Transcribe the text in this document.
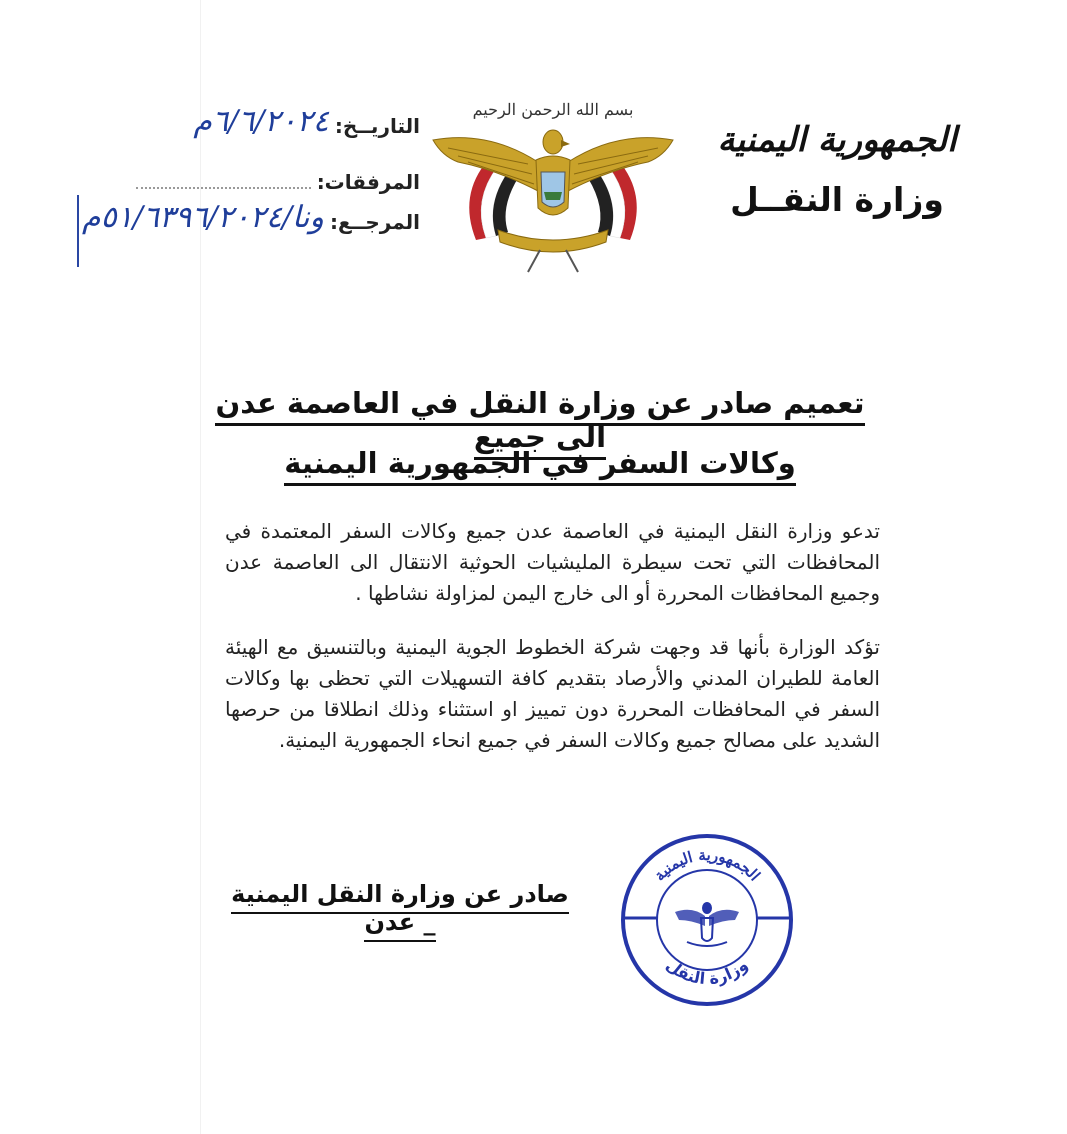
الجمهورية اليمنية
وزارة النقــل
بسم الله الرحمن الرحيم
التاريــخ:
٦/٦/٢٠٢٤م
المرفقات:
المرجــع:
ونا/٥١/٦٣٩٦/٢٠٢٤م
تعميم صادر عن وزارة النقل في العاصمة عدن الى جميع
وكالات السفر في الجمهورية اليمنية
تدعو وزارة النقل اليمنية في العاصمة عدن جميع وكالات السفر المعتمدة في المحافظات التي تحت سيطرة المليشيات الحوثية الانتقال الى العاصمة عدن وجميع المحافظات المحررة أو الى خارج اليمن لمزاولة نشاطها .
تؤكد الوزارة بأنها قد وجهت شركة الخطوط الجوية اليمنية وبالتنسيق مع الهيئة العامة للطيران المدني والأرصاد بتقديم كافة التسهيلات التي تحظى بها وكالات السفر في المحافظات المحررة دون تمييز او استثناء وذلك انطلاقا من حرصها الشديد على مصالح جميع وكالات السفر في جميع انحاء الجمهورية اليمنية.
صادر عن وزارة النقل اليمنية _ عدن
الجمهورية اليمنية
وزارة النقل
